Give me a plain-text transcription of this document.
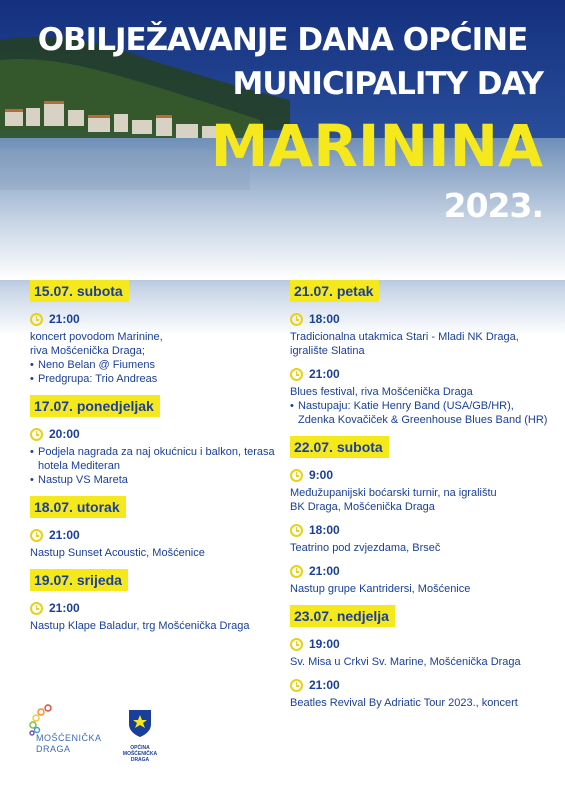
OBILJEŽAVANJE DANA OPĆINE
MUNICIPALITY DAY
MARININA
2023.
15.07. subota
21:00
koncert povodom Marinine,
riva Mošćenička Draga;
• Neno Belan @ Fiumens
• Predgrupa: Trio Andreas
17.07. ponedjeljak
20:00
• Podjela nagrada za naj okućnicu i balkon, terasa hotela Mediteran
• Nastup VS Mareta
18.07. utorak
21:00
Nastup Sunset Acoustic, Mošćenice
19.07. srijeda
21:00
Nastup Klape Baladur, trg Mošćenička Draga
21.07. petak
18:00
Tradicionalna utakmica Stari - Mladi NK Draga,
igralište Slatina
21:00
Blues festival, riva Mošćenička Draga
• Nastupaju: Katie Henry Band (USA/GB/HR), Zdenka Kovačiček & Greenhouse Blues Band (HR)
22.07. subota
9:00
Međužupanijski boćarski turnir, na igralištu
BK Draga, Mošćenička Draga
18:00
Teatrino pod zvjezdama, Brseč
21:00
Nastup grupe Kantridersi, Mošćenice
23.07. nedjelja
19:00
Sv. Misa u Crkvi Sv. Marine, Mošćenička Draga
21:00
Beatles Revival By Adriatic Tour 2023., koncert
MOŠĆENIČKA
DRAGA	OPĆINA
MOŠĆENIČKA DRAGA
